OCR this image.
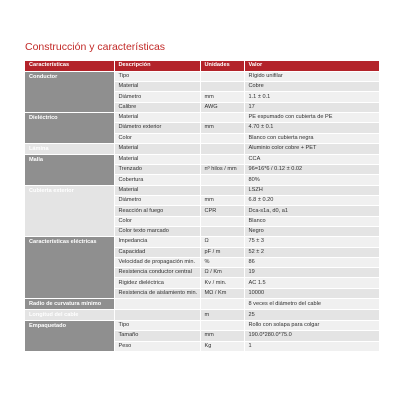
Construcción y características
Características	Descripción	Unidades	Valor
Conductor	Tipo		Rígido unifilar
	Material		Cobre
	Diámetro	mm	1.1 ± 0.1
	Calibre	AWG	17
Dieléctrico	Material		PE espumado con cubierta de PE
	Diámetro exterior	mm	4.70 ± 0.1
	Color		Blanco con cubierta negra
Lámina	Material		Aluminio color cobre + PET
Malla	Material		CCA
	Trenzado	nº hilos / mm	96=16*6 / 0.12 ± 0.02
	Cobertura		80%
Cubierta exterior	Material		LSZH
	Diámetro	mm	6.8 ± 0.20
	Reacción al fuego	CPR	Dca-s1a, d0, a1
	Color		Blanco
	Color texto marcado		Negro
Características eléctricas	Impedancia	Ω	75 ± 3
	Capacidad	pF / m	52 ± 2
	Velocidad de propagación min.	%	86
	Resistencia conductor central	Ω / Km	19
	Rigidez dieléctrica	Kv / min.	AC 1.5
	Resistencia de aislamiento min.	MΩ / Km	10000
Radio de curvatura mínimo			8 veces el diámetro del cable
Longitud del cable		m	25
Empaquetado	Tipo		Rollo con solapa para colgar
	Tamaño	mm	190.0*280.0*75.0
	Peso	Kg	1
